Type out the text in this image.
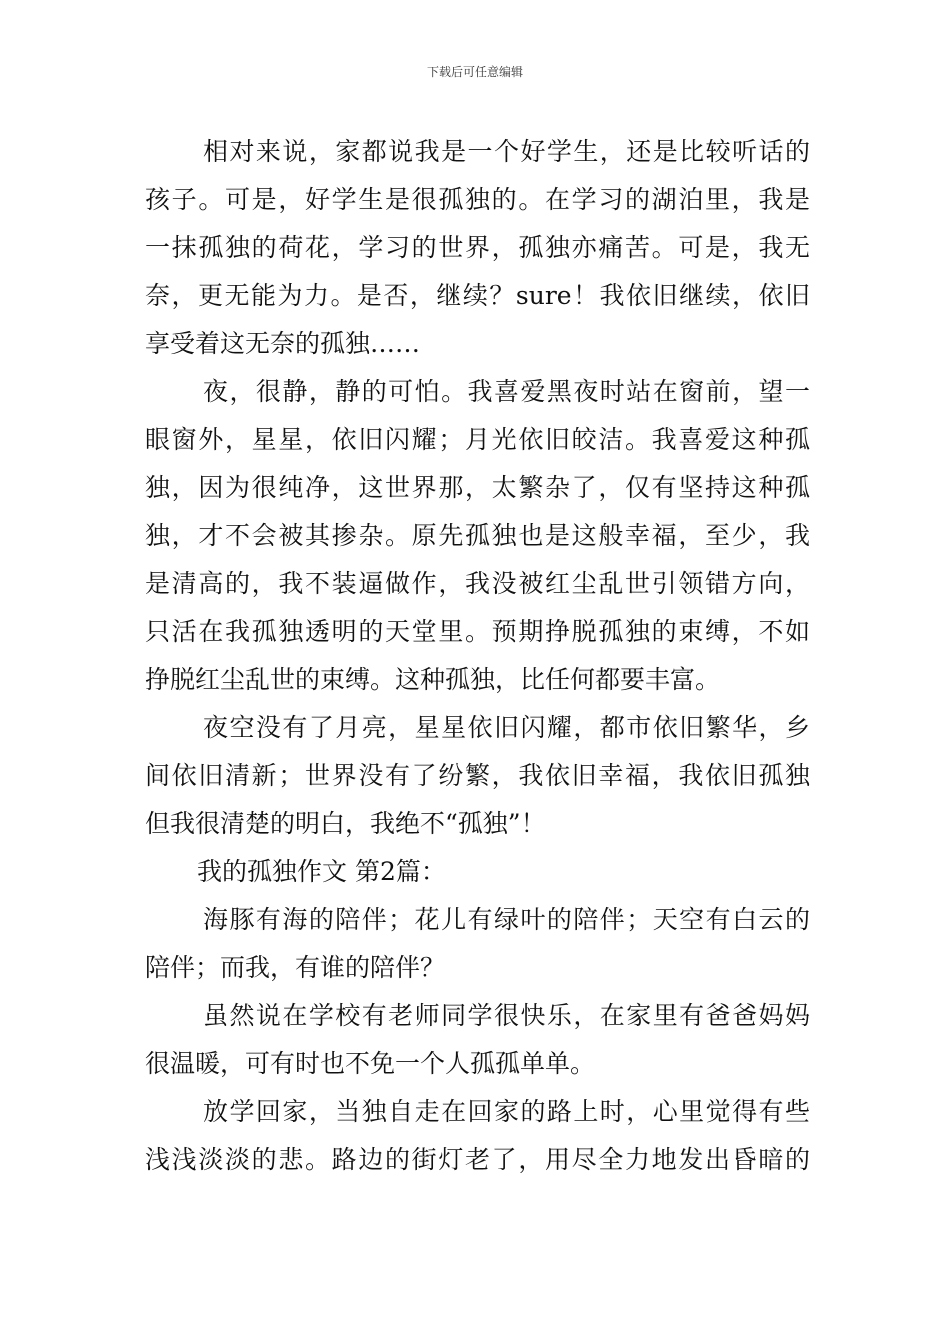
下载后可任意编辑
相对来说，家都说我是一个好学生，还是比较听话的
孩子。可是，好学生是很孤独的。在学习的湖泊里，我是
一抹孤独的荷花，学习的世界，孤独亦痛苦。可是，我无
奈，更无能为力。是否，继续？sure！我依旧继续，依旧
享受着这无奈的孤独……
夜，很静，静的可怕。我喜爱黑夜时站在窗前，望一
眼窗外，星星，依旧闪耀；月光依旧皎洁。我喜爱这种孤
独，因为很纯净，这世界那，太繁杂了，仅有坚持这种孤
独，才不会被其掺杂。原先孤独也是这般幸福，至少，我
是清高的，我不装逼做作，我没被红尘乱世引领错方向，
只活在我孤独透明的天堂里。预期挣脱孤独的束缚，不如
挣脱红尘乱世的束缚。这种孤独，比任何都要丰富。
夜空没有了月亮，星星依旧闪耀，都市依旧繁华，乡
间依旧清新；世界没有了纷繁，我依旧幸福，我依旧孤独
但我很清楚的明白，我绝不“孤独”！
我的孤独作文 第2篇：
海豚有海的陪伴；花儿有绿叶的陪伴；天空有白云的
陪伴；而我，有谁的陪伴？
虽然说在学校有老师同学很快乐，在家里有爸爸妈妈
很温暖，可有时也不免一个人孤孤单单。
放学回家，当独自走在回家的路上时，心里觉得有些
浅浅淡淡的悲。路边的街灯老了，用尽全力地发出昏暗的
